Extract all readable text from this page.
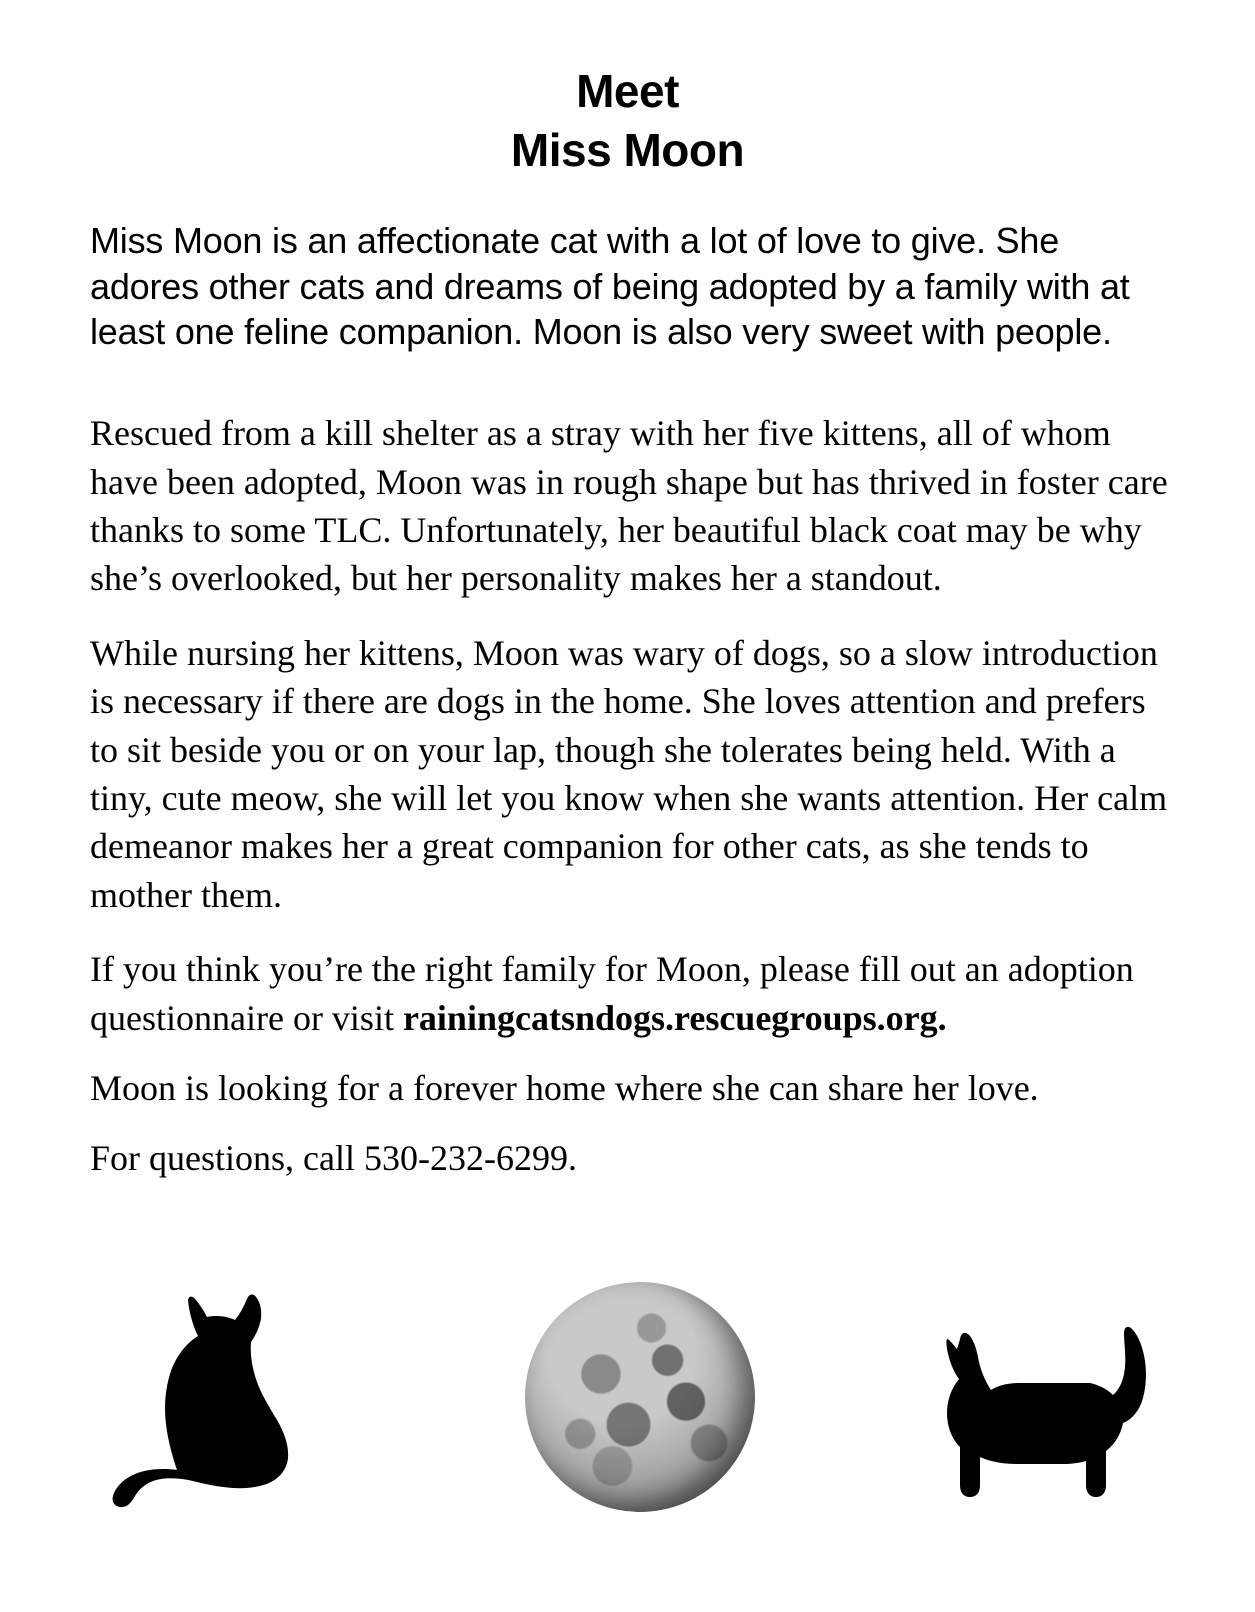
Meet
Miss Moon

Miss Moon is an affectionate cat with a lot of love to give. She adores other cats and dreams of being adopted by a family with at least one feline companion. Moon is also very sweet with people.

Rescued from a kill shelter as a stray with her five kittens, all of whom have been adopted, Moon was in rough shape but has thrived in foster care thanks to some TLC. Unfortunately, her beautiful black coat may be why she’s overlooked, but her personality makes her a standout.

While nursing her kittens, Moon was wary of dogs, so a slow introduction is necessary if there are dogs in the home. She loves attention and prefers to sit beside you or on your lap, though she tolerates being held. With a tiny, cute meow, she will let you know when she wants attention. Her calm demeanor makes her a great companion for other cats, as she tends to mother them.

If you think you’re the right family for Moon, please fill out an adoption questionnaire or visit rainingcatsndogs.rescuegroups.org.

Moon is looking for a forever home where she can share her love.

For questions, call 530-232-6299.
